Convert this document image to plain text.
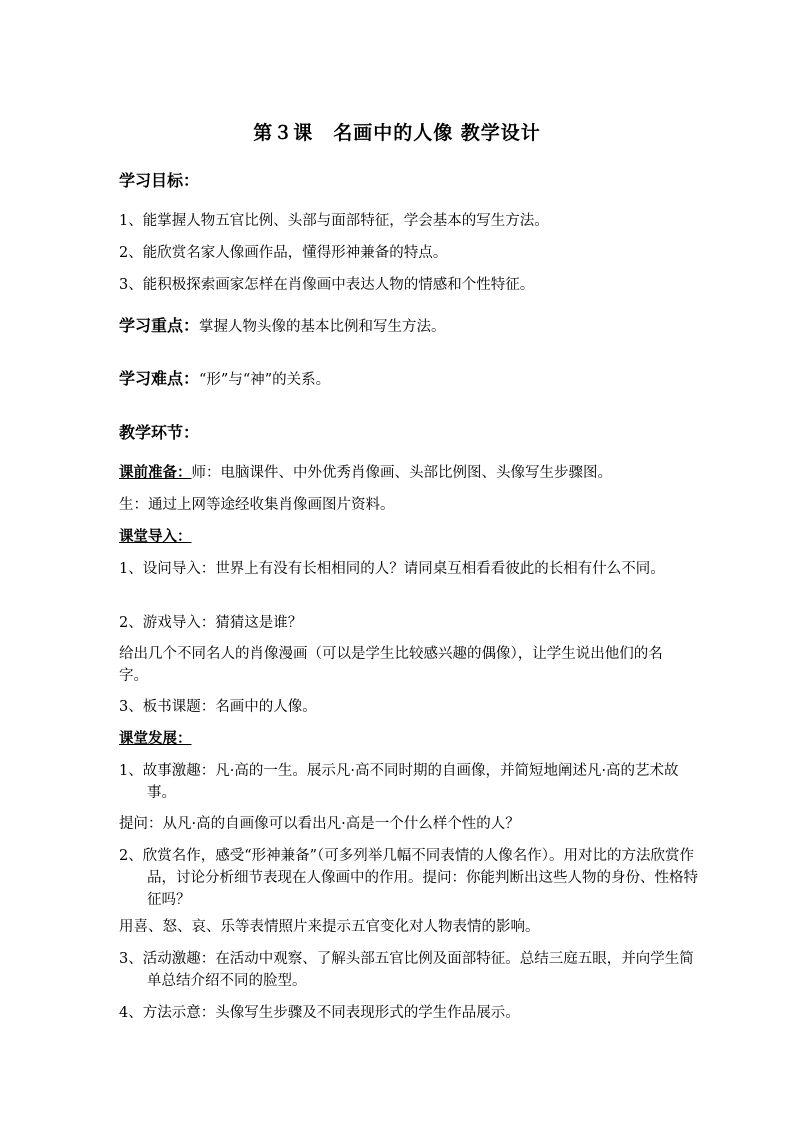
第３课　名画中的人像 教学设计
学习目标：
1、能掌握人物五官比例、头部与面部特征，学会基本的写生方法。
2、能欣赏名家人像画作品，懂得形神兼备的特点。
3、能积极探索画家怎样在肖像画中表达人物的情感和个性特征。
学习重点：掌握人物头像的基本比例和写生方法。
学习难点：“形”与“神”的关系。
教学环节：
课前准备：师：电脑课件、中外优秀肖像画、头部比例图、头像写生步骤图。
生：通过上网等途经收集肖像画图片资料。
课堂导入：
1、设问导入：世界上有没有长相相同的人？请同桌互相看看彼此的长相有什么不同。
2、游戏导入：猜猜这是谁？
给出几个不同名人的肖像漫画（可以是学生比较感兴趣的偶像），让学生说出他们的名字。
3、板书课题：名画中的人像。
课堂发展：
1、故事激趣：凡·高的一生。展示凡·高不同时期的自画像，并简短地阐述凡·高的艺术故事。
提问：从凡·高的自画像可以看出凡·高是一个什么样个性的人？
2、欣赏名作，感受“形神兼备”（可多列举几幅不同表情的人像名作）。用对比的方法欣赏作品，讨论分析细节表现在人像画中的作用。提问：你能判断出这些人物的身份、性格特征吗？
用喜、怒、哀、乐等表情照片来提示五官变化对人物表情的影响。
3、活动激趣：在活动中观察、了解头部五官比例及面部特征。总结三庭五眼，并向学生简单总结介绍不同的脸型。
4、方法示意：头像写生步骤及不同表现形式的学生作品展示。
